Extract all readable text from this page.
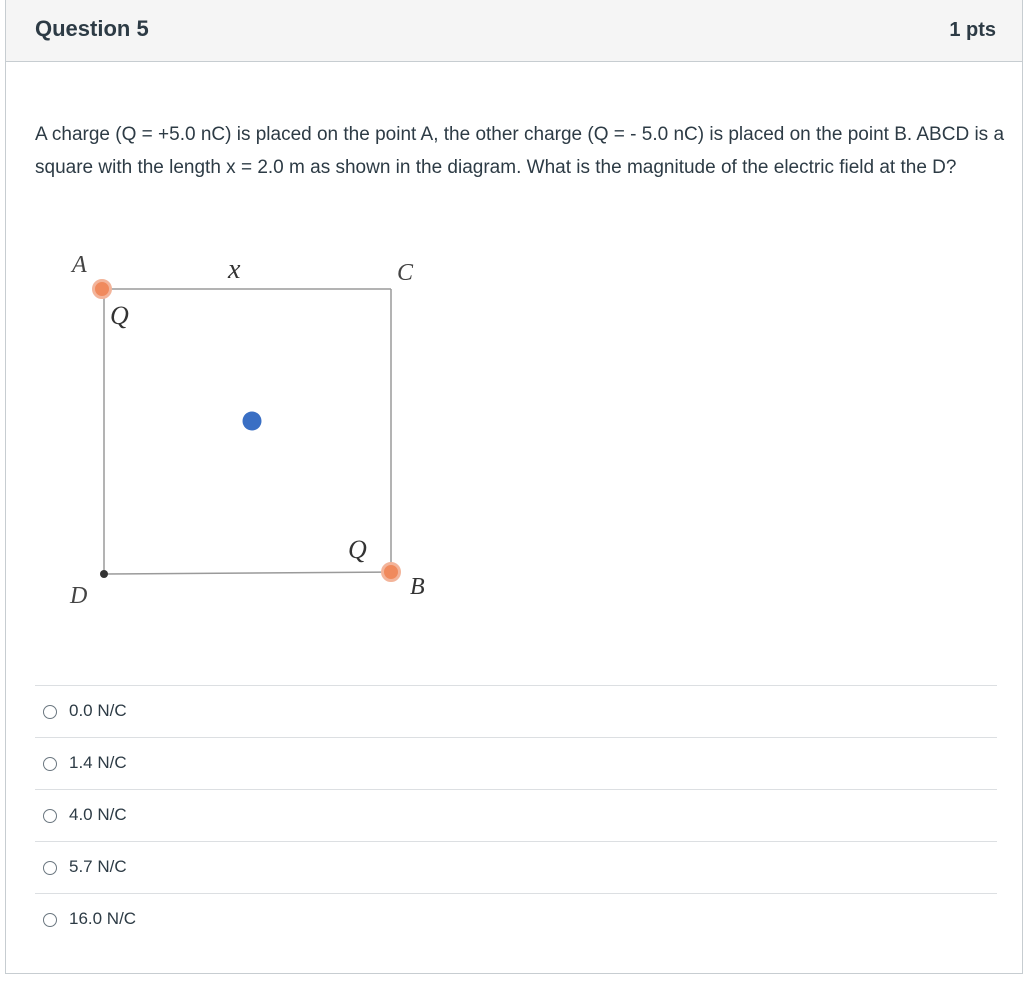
Question 5	1 pts
A charge (Q = +5.0 nC) is placed on the point A, the other charge (Q = - 5.0 nC) is placed on the point B. ABCD is a square with the length x = 2.0 m as shown in the diagram. What is the magnitude of the electric field at the D?
A	x	C
Q
Q
D	B
0.0 N/C
1.4 N/C
4.0 N/C
5.7 N/C
16.0 N/C
